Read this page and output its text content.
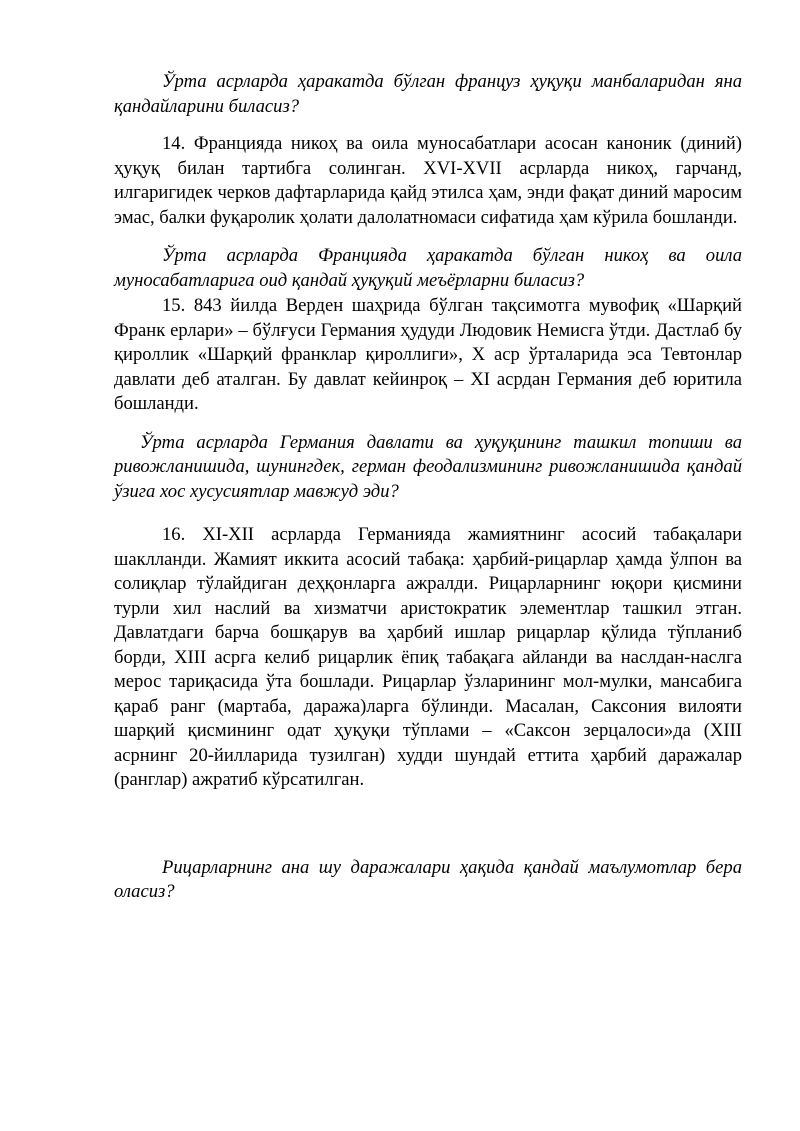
Ўрта асрларда ҳаракатда бўлган француз ҳуқуқи манбаларидан яна қандайларини биласиз?

14. Францияда никоҳ ва оила муносабатлари асосан каноник (диний) ҳуқуқ билан тартибга солинган. XVI-XVII асрларда никоҳ, гарчанд, илгаригидек черков дафтарларида қайд этилса ҳам, энди фақат диний маросим эмас, балки фуқаролик ҳолати далолатномаси сифатида ҳам кўрила бошланди.

Ўрта асрларда Францияда ҳаракатда бўлган никоҳ ва оила муносабатларига оид қандай ҳуқуқий меъёрларни биласиз?

15. 843 йилда Верден шаҳрида бўлган тақсимотга мувофиқ «Шарқий Франк ерлари» – бўлғуси Германия ҳудуди Людовик Немисга ўтди. Дастлаб бу қироллик «Шарқий франклар қироллиги», X аср ўрталарида эса Тевтонлар давлати деб аталган. Бу давлат кейинроқ – XI асрдан Германия деб юритила бошланди.

Ўрта асрларда Германия давлати ва ҳуқуқининг ташкил топиши ва ривожланишида, шунингдек, герман феодализмининг ривожланишида қандай ўзига хос хусусиятлар мавжуд эди?

16. XI-XII асрларда Германияда жамиятнинг асосий табақалари шаклланди. Жамият иккита асосий табақа: ҳарбий-рицарлар ҳамда ўлпон ва солиқлар тўлайдиган деҳқонларга ажралди. Рицарларнинг юқори қисмини турли хил наслий ва хизматчи аристократик элементлар ташкил этган. Давлатдаги барча бошқарув ва ҳарбий ишлар рицарлар қўлида тўпланиб борди, XIII асрга келиб рицарлик ёпиқ табақага айланди ва наслдан-наслга мерос тариқасида ўта бошлади. Рицарлар ўзларининг мол-мулки, мансабига қараб ранг (мартаба, даража)ларга бўлинди. Масалан, Саксония вилояти шарқий қисмининг одат ҳуқуқи тўплами – «Саксон зерцалоси»да (XIII асрнинг 20-йилларида тузилган) худди шундай еттита ҳарбий даражалар (ранглар) ажратиб кўрсатилган.

Рицарларнинг ана шу даражалари ҳақида қандай маълумотлар бера оласиз?
